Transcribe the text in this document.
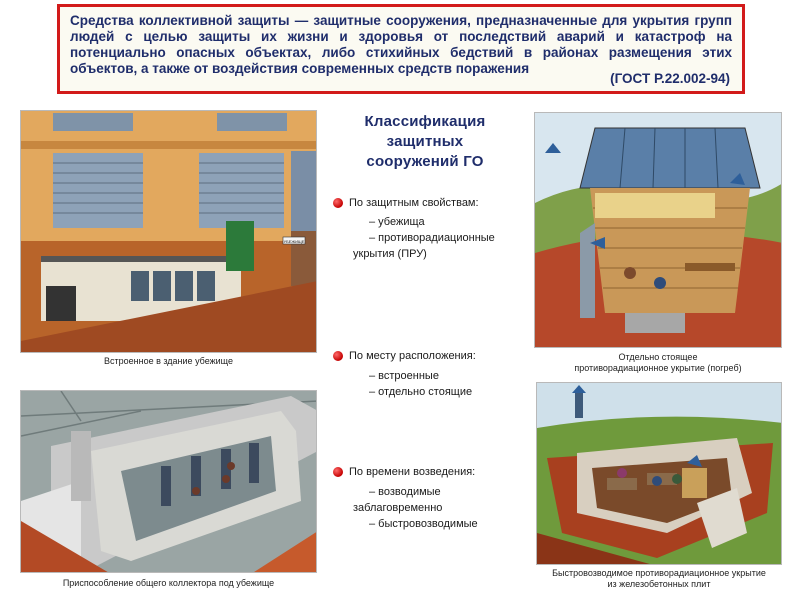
Средства коллективной защиты — защитные сооружения, предназначенные для укрытия групп людей с целью защиты их жизни и здоровья от последствий аварий и катастроф на потенциально опасных объектах, либо стихийных бедствий в районах размещения этих объектов, а также от воздействия современных средств поражения

(ГОСТ Р.22.002-94)
УБЕЖИЩЕ
Встроенное в здание убежище
Приспособление общего коллектора под убежище
Классификация
защитных
сооружений ГО
По защитным свойствам:
– убежища
– противорадиационные
укрытия (ПРУ)
По месту расположения:
– встроенные
– отдельно стоящие
По времени возведения:
– возводимые
заблаговременно
– быстровозводимые
Отдельно стоящее
противорадиационное укрытие (погреб)
Быстровозводимое противорадиационное укрытие
из железобетонных плит
